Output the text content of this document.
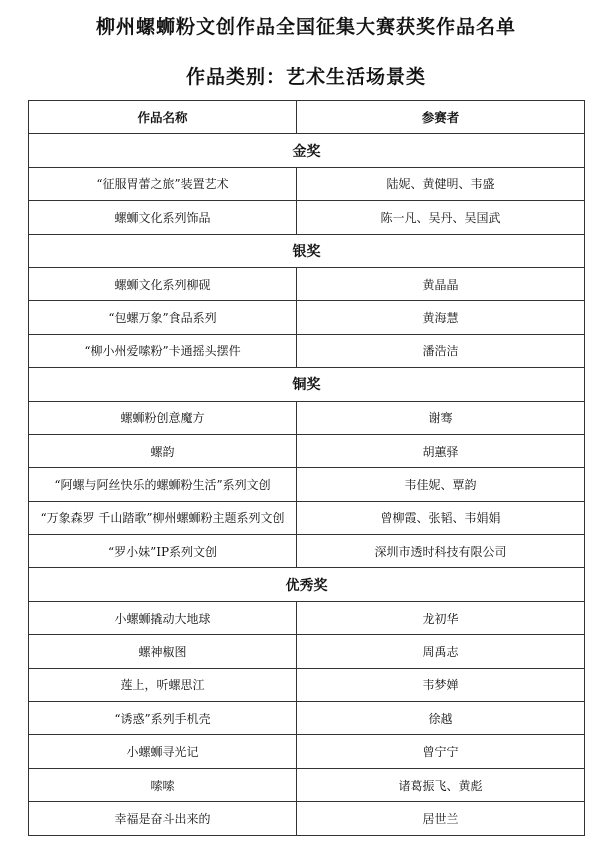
柳州螺蛳粉文创作品全国征集大赛获奖作品名单
作品类别：艺术生活场景类
作品名称	参赛者
金奖	
“征服胃蕾之旅”装置艺术	陆妮、黄健明、韦盛
螺蛳文化系列饰品	陈一凡、吴丹、吴国武
银奖	
螺蛳文化系列柳砚	黄晶晶
“包螺万象”食品系列	黄海慧
“柳小州爱嗦粉”卡通摇头摆件	潘浩洁
铜奖	
螺蛳粉创意魔方	谢骞
螺韵	胡蕙驿
“阿螺与阿丝快乐的螺蛳粉生活”系列文创	韦佳妮、覃韵
“万象森罗 千山踏歌”柳州螺蛳粉主题系列文创	曾柳霞、张韬、韦娟娟
“罗小妹”IP系列文创	深圳市透时科技有限公司
优秀奖	
小螺蛳撬动大地球	龙初华
螺神椒图	周禹志
莲上，听螺思江	韦梦婵
“诱惑”系列手机壳	徐越
小螺蛳寻光记	曾宁宁
嗦嗦	诸葛振飞、黄彪
幸福是奋斗出来的	居世兰
